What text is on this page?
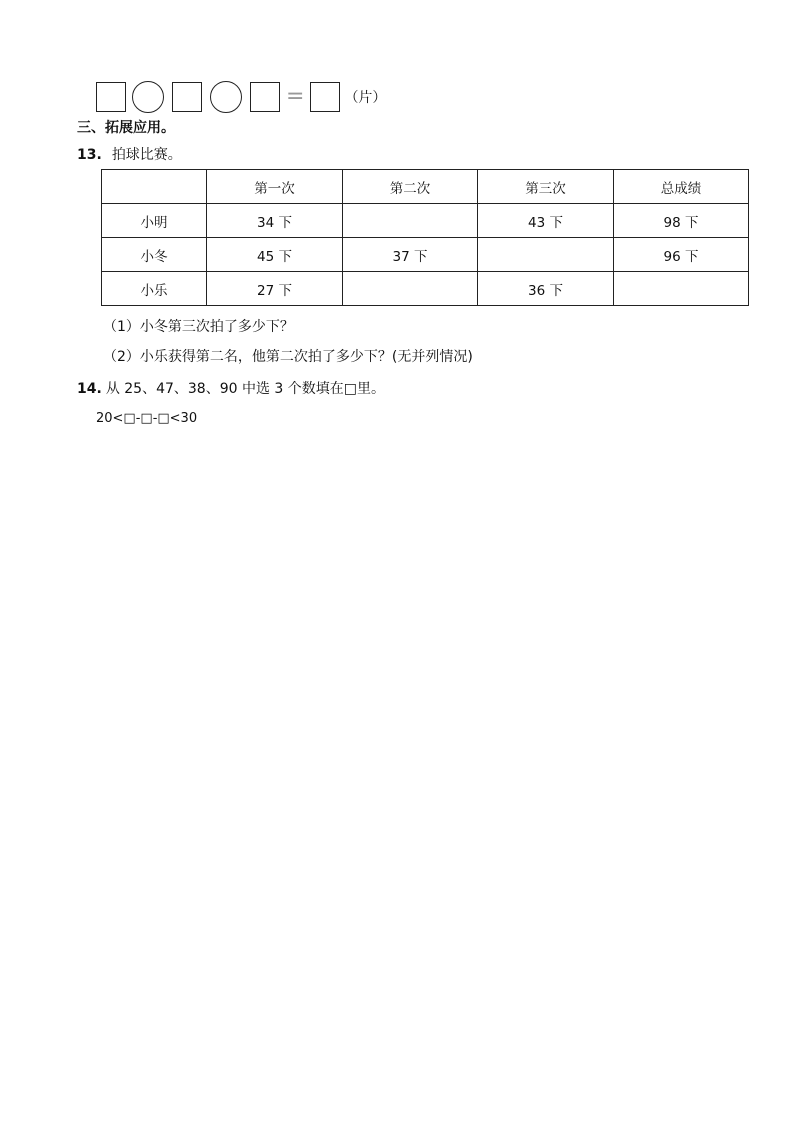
=	（片）
三、拓展应用。
13. 拍球比赛。
	第一次	第二次	第三次	总成绩
小明	34 下		43 下	98 下
小冬	45 下	37 下		96 下
小乐	27 下		36 下	
（1）小冬第三次拍了多少下？
（2）小乐获得第二名，他第二次拍了多少下？(无并列情况)
14. 从 25、47、38、90 中选 3 个数填在□里。
20<□-□-□<30
